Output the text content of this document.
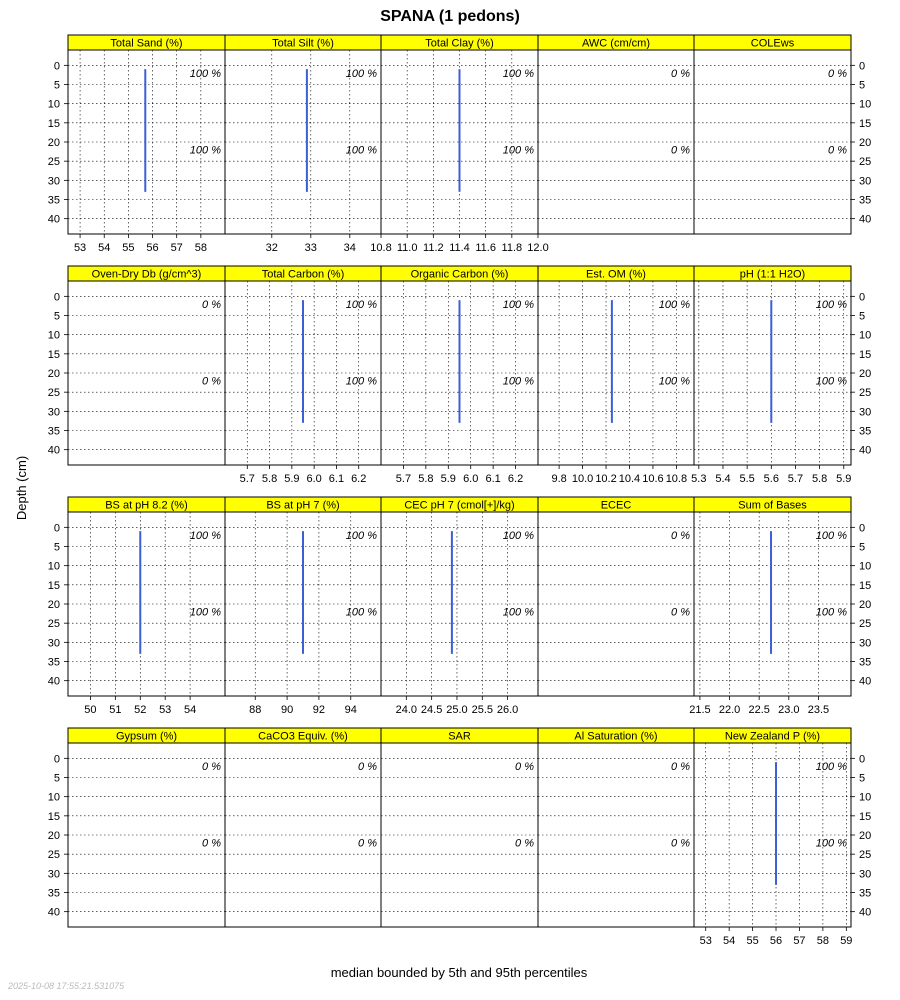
SPANA (1 pedons)
Depth (cm)
median bounded by 5th and 95th percentiles
2025-10-08 17:55:21.531075
Total Sand (%)
53 54 55 56 57 58
100 %
100 %
Total Silt (%)
32 33 34
100 %
100 %
Total Clay (%)
10.8 11.0 11.2 11.4 11.6 11.8 12.0
100 %
100 %
AWC (cm/cm)
0 %
0 %
COLEws
0 %
0 %
Oven-Dry Db (g/cm^3)
0 %
0 %
Total Carbon (%)
5.7 5.8 5.9 6.0 6.1 6.2
100 %
100 %
Organic Carbon (%)
5.7 5.8 5.9 6.0 6.1 6.2
100 %
100 %
Est. OM (%)
9.8 10.0 10.2 10.4 10.6 10.8
100 %
100 %
pH (1:1 H2O)
5.3 5.4 5.5 5.6 5.7 5.8 5.9
100 %
100 %
BS at pH 8.2 (%)
50 51 52 53 54
100 %
100 %
BS at pH 7 (%)
88 90 92 94
100 %
100 %
CEC pH 7 (cmol[+]/kg)
24.0 24.5 25.0 25.5 26.0
100 %
100 %
ECEC
0 %
0 %
Sum of Bases
21.5 22.0 22.5 23.0 23.5
100 %
100 %
Gypsum (%)
0 %
0 %
CaCO3 Equiv. (%)
0 %
0 %
SAR
0 %
0 %
Al Saturation (%)
0 %
0 %
New Zealand P (%)
53 54 55 56 57 58 59
100 %
100 %
0	0
5	5
10	10
15	15
20	20
25	25
30	30
35	35
40	40
0	0
5	5
10	10
15	15
20	20
25	25
30	30
35	35
40	40
0	0
5	5
10	10
15	15
20	20
25	25
30	30
35	35
40	40
0	0
5	5
10	10
15	15
20	20
25	25
30	30
35	35
40	40
